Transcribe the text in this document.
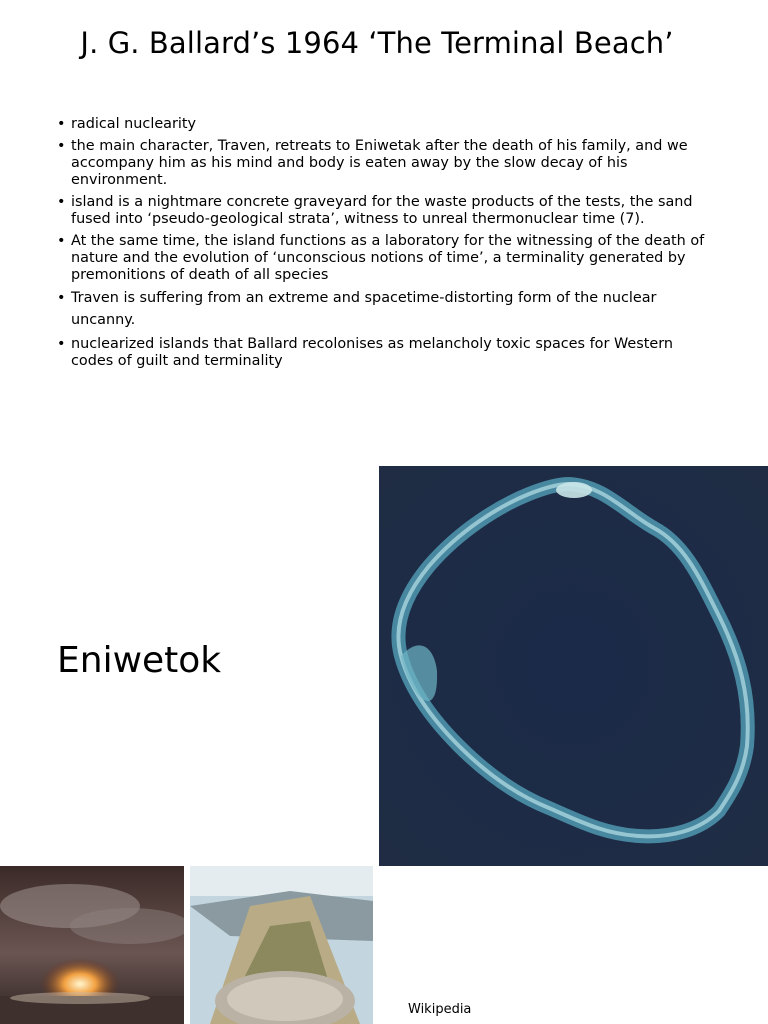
J. G. Ballard’s 1964 ‘The Terminal Beach’
• radical nuclearity
• the main character, Traven, retreats to Eniwetak after the death of his family, and we accompany him as his mind and body is eaten away by the slow decay of his environment.
• island is a nightmare concrete graveyard for the waste products of the tests, the sand fused into ‘pseudo-geological strata’, witness to unreal thermonuclear time (7).
• At the same time, the island functions as a laboratory for the witnessing of the death of nature and the evolution of ‘unconscious notions of time’, a terminality generated by premonitions of death of all species
• Traven is suffering from an extreme and spacetime-distorting form of the nuclear uncanny.
• nuclearized islands that Ballard recolonises as melancholy toxic spaces for Western codes of guilt and terminality
Eniwetok
Wikipedia
